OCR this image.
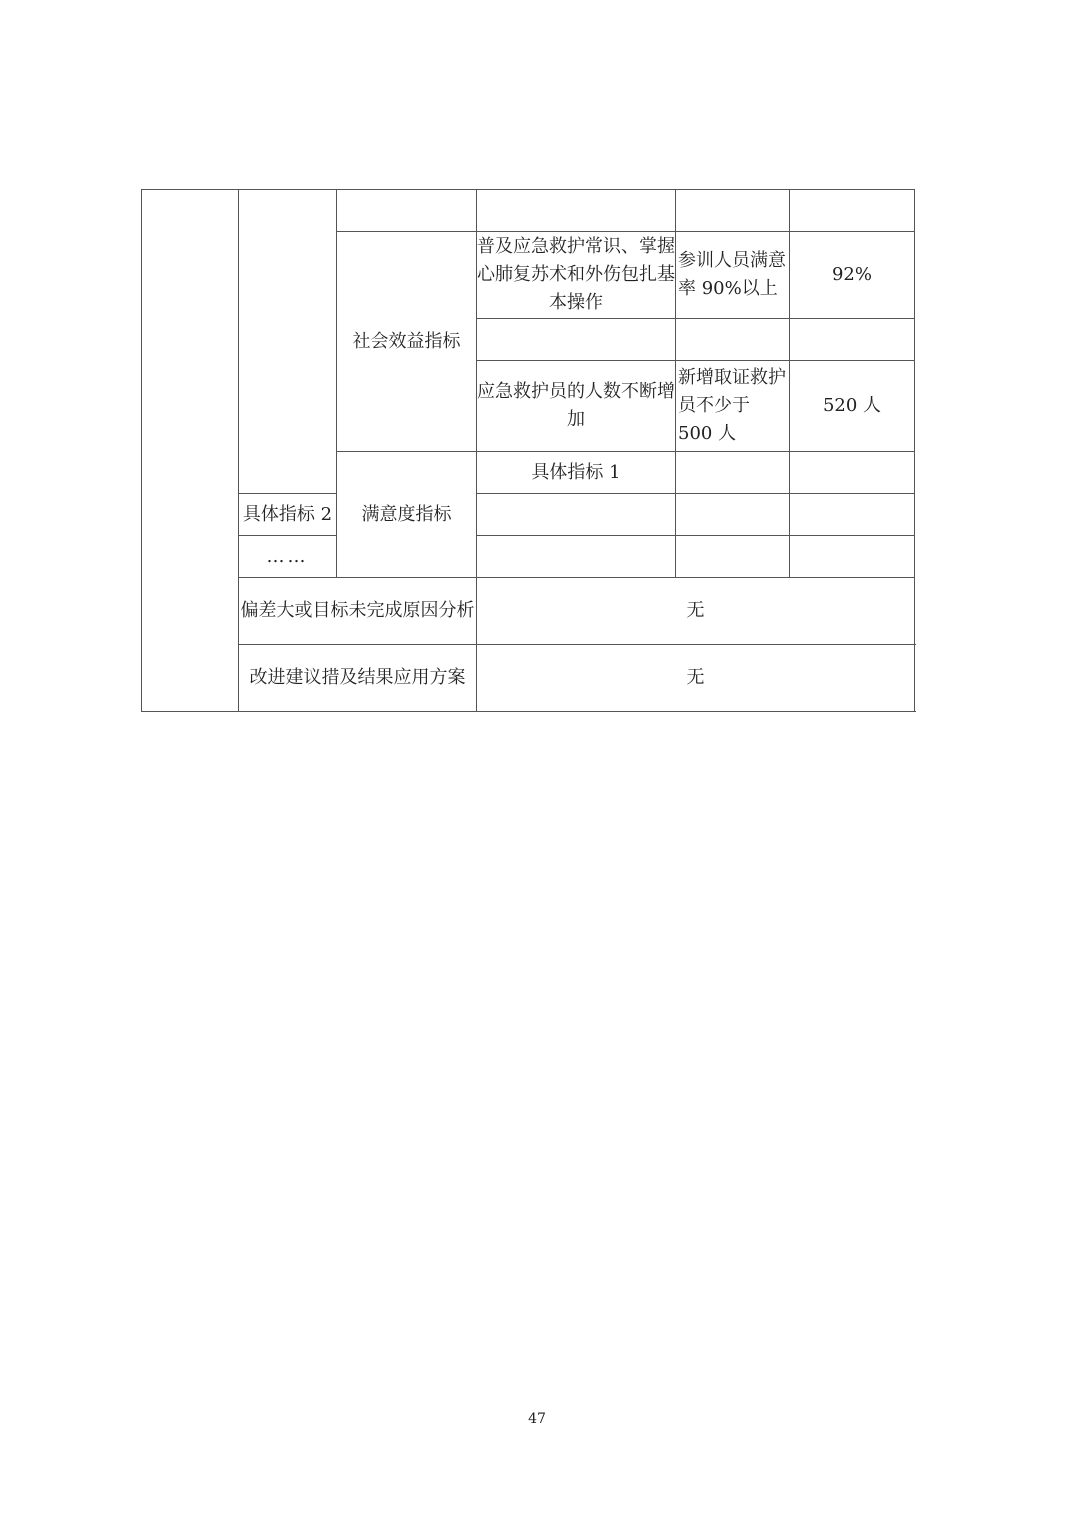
		社会效益指标	普及应急救护常识、掌握心肺复苏术和外伤包扎基本操作	参训人员满意率 90%以上	92%	

			应急救护员的人数不断增加	新增取证救护员不少于 500 人	520 人	
		满意度指标	具体指标 1			
	具体指标 2					
	……					
	偏差大或目标未完成原因分析		无			
	改进建议措及结果应用方案		无			
47
